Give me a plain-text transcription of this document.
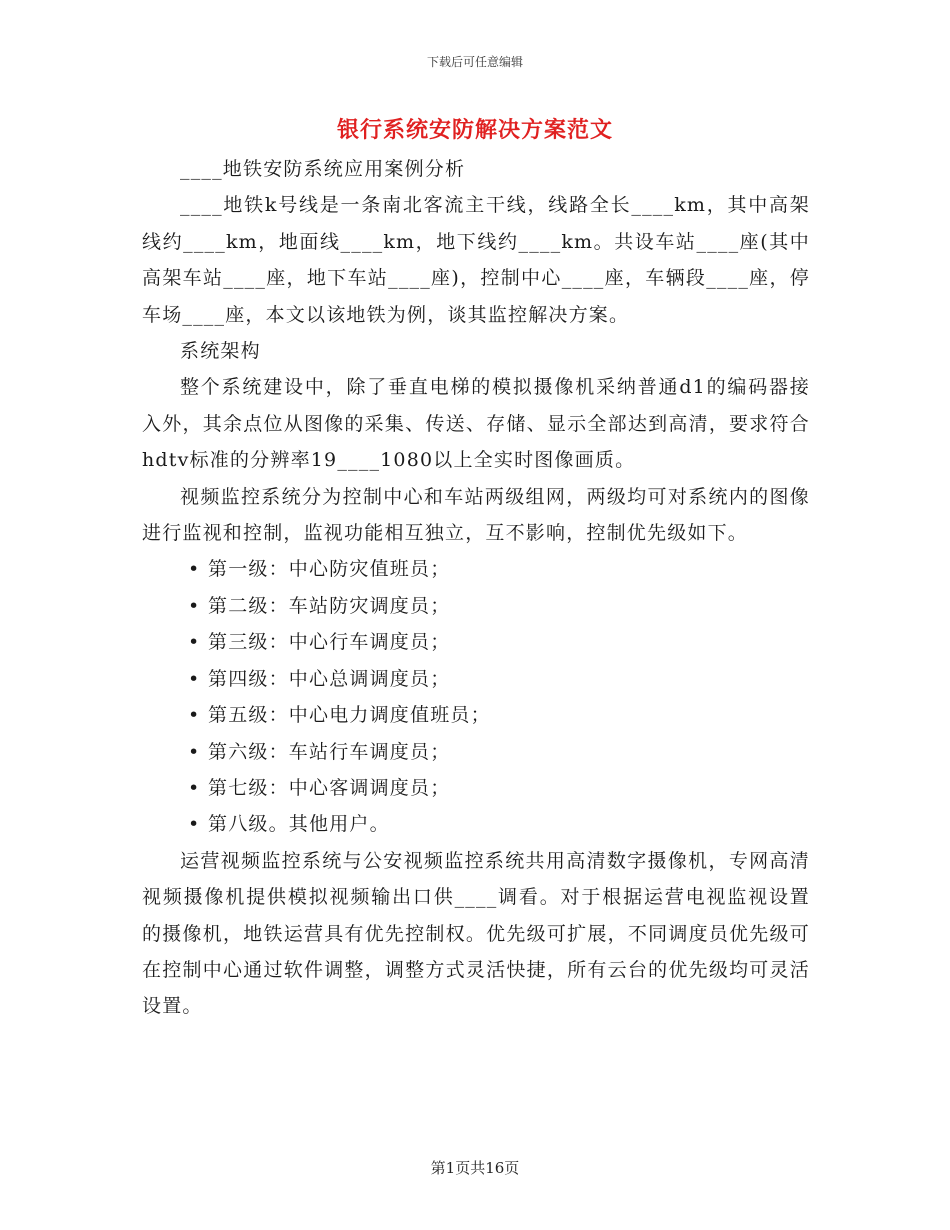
下载后可任意编辑
银行系统安防解决方案范文

____地铁安防系统应用案例分析

____地铁k号线是一条南北客流主干线，线路全长____km，其中高架线约____km，地面线____km，地下线约____km。共设车站____座(其中高架车站____座，地下车站____座)，控制中心____座，车辆段____座，停车场____座，本文以该地铁为例，谈其监控解决方案。

系统架构

整个系统建设中，除了垂直电梯的模拟摄像机采纳普通d1的编码器接入外，其余点位从图像的采集、传送、存储、显示全部达到高清，要求符合hdtv标准的分辨率19____1080以上全实时图像画质。

视频监控系统分为控制中心和车站两级组网，两级均可对系统内的图像进行监视和控制，监视功能相互独立，互不影响，控制优先级如下。

• 第一级：中心防灾值班员；
• 第二级：车站防灾调度员；
• 第三级：中心行车调度员；
• 第四级：中心总调调度员；
• 第五级：中心电力调度值班员；
• 第六级：车站行车调度员；
• 第七级：中心客调调度员；
• 第八级。其他用户。

运营视频监控系统与公安视频监控系统共用高清数字摄像机，专网高清视频摄像机提供模拟视频输出口供____调看。对于根据运营电视监视设置的摄像机，地铁运营具有优先控制权。优先级可扩展，不同调度员优先级可在控制中心通过软件调整，调整方式灵活快捷，所有云台的优先级均可灵活设置。

第1页共16页
